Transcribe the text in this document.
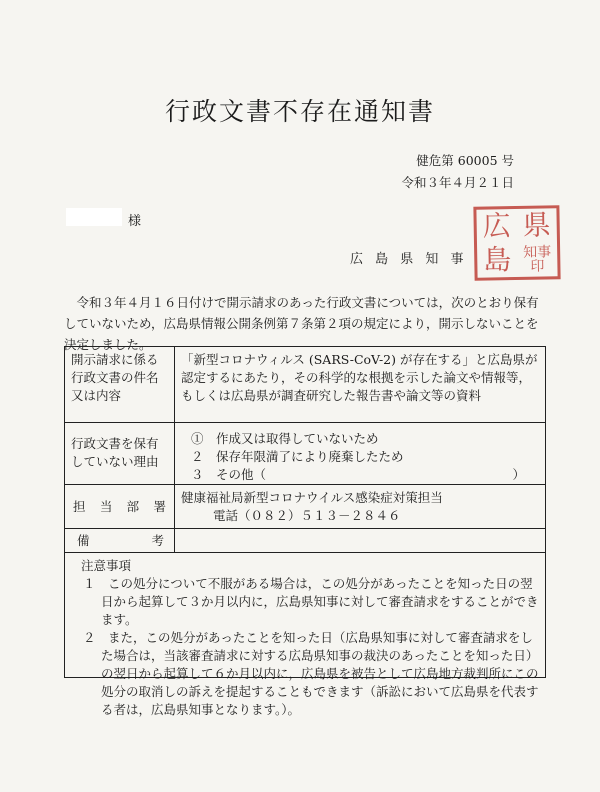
行政文書不存在通知書
健危第 60005 号
令和３年４月２１日
様
広 島 県 知 事
広 県
島 知事印
令和３年４月１６日付けで開示請求のあった行政文書については，次のとおり保有していないため，広島県情報公開条例第７条第２項の規定により，開示しないことを決定しました。
開示請求に係る行政文書の件名又は内容
「新型コロナウィルス (SARS-CoV-2) が存在する」と広島県が認定するにあたり，その科学的な根拠を示した論文や情報等，もしくは広島県が調査研究した報告書や論文等の資料
行政文書を保有していない理由
①　作成又は取得していないため
２　保存年限満了により廃棄したため
３　その他（	）
担 当 部 署
健康福祉局新型コロナウイルス感染症対策担当
電話（０８２）５１３－２８４６
備	考
注意事項

１　この処分について不服がある場合は，この処分があったことを知った日の翌日から起算して３か月以内に，広島県知事に対して審査請求をすることができます。

２　また，この処分があったことを知った日（広島県知事に対して審査請求をした場合は，当該審査請求に対する広島県知事の裁決のあったことを知った日）の翌日から起算して６か月以内に，広島県を被告として広島地方裁判所にこの処分の取消しの訴えを提起することもできます（訴訟において広島県を代表する者は，広島県知事となります。）。
